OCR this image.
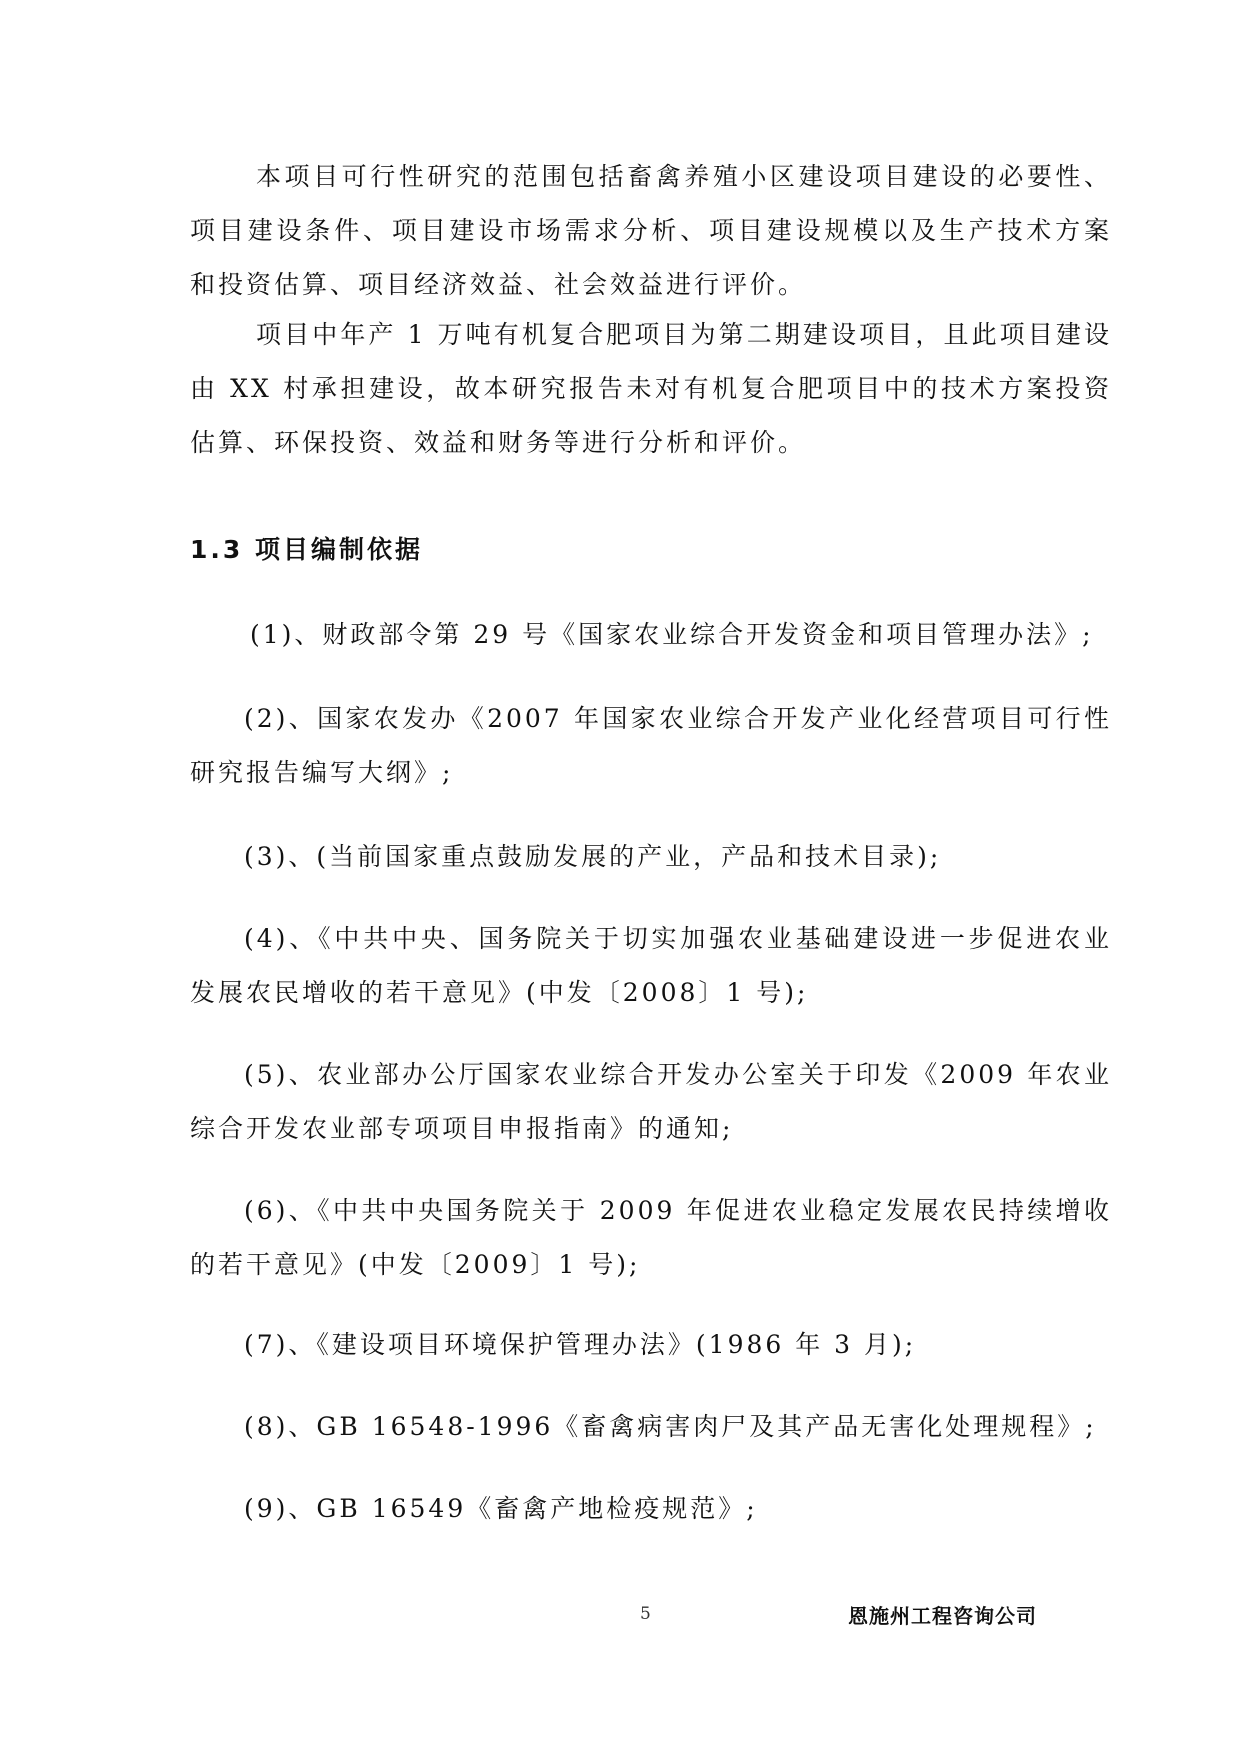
本项目可行性研究的范围包括畜禽养殖小区建设项目建设的必要性、项目建设条件、项目建设市场需求分析、项目建设规模以及生产技术方案和投资估算、项目经济效益、社会效益进行评价。

项目中年产 1 万吨有机复合肥项目为第二期建设项目，且此项目建设由 XX 村承担建设，故本研究报告未对有机复合肥项目中的技术方案投资估算、环保投资、效益和财务等进行分析和评价。

1.3 项目编制依据

(1)、财政部令第 29 号《国家农业综合开发资金和项目管理办法》;

(2)、国家农发办《2007 年国家农业综合开发产业化经营项目可行性研究报告编写大纲》;

(3)、(当前国家重点鼓励发展的产业，产品和技术目录);

(4)、《中共中央、国务院关于切实加强农业基础建设进一步促进农业发展农民增收的若干意见》(中发〔2008〕1 号);

(5)、农业部办公厅国家农业综合开发办公室关于印发《2009 年农业综合开发农业部专项项目申报指南》的通知;

(6)、《中共中央国务院关于 2009 年促进农业稳定发展农民持续增收的若干意见》(中发〔2009〕1 号);

(7)、《建设项目环境保护管理办法》(1986 年 3 月);

(8)、GB 16548-1996《畜禽病害肉尸及其产品无害化处理规程》;

(9)、GB 16549《畜禽产地检疫规范》;

5	恩施州工程咨询公司
